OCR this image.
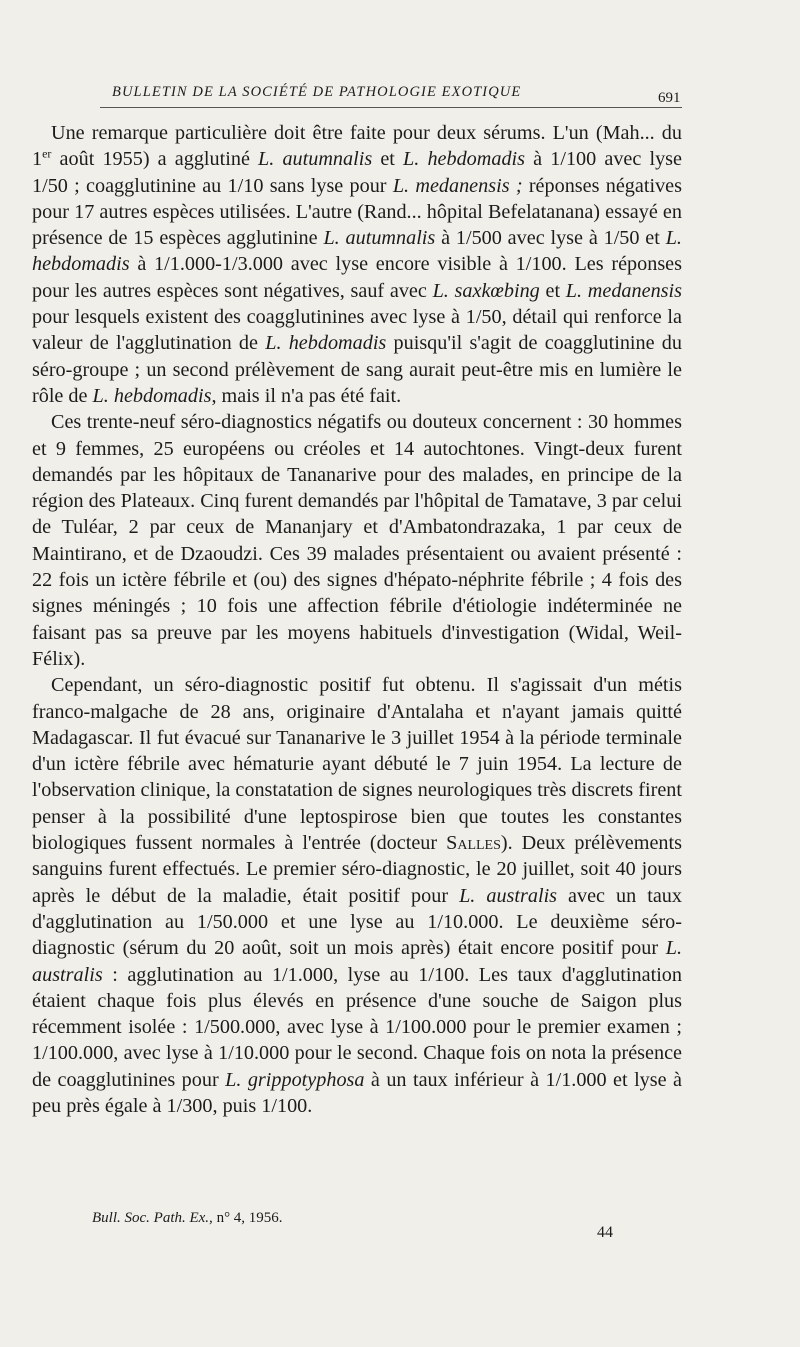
BULLETIN DE LA SOCIÉTÉ DE PATHOLOGIE EXOTIQUE	691

Une remarque particulière doit être faite pour deux sérums. L'un (Mah... du 1er août 1955) a agglutiné L. autumnalis et L. hebdomadis à 1/100 avec lyse 1/50 ; coagglutinine au 1/10 sans lyse pour L. medanensis ; réponses négatives pour 17 autres espèces utilisées. L'autre (Rand... hôpital Befelatanana) essayé en présence de 15 espèces agglutinine L. autumnalis à 1/500 avec lyse à 1/50 et L. hebdomadis à 1/1.000-1/3.000 avec lyse encore visible à 1/100. Les réponses pour les autres espèces sont négatives, sauf avec L. saxkœbing et L. medanensis pour lesquels existent des coagglutinines avec lyse à 1/50, détail qui renforce la valeur de l'agglutination de L. hebdomadis puisqu'il s'agit de coagglutinine du séro-groupe ; un second prélèvement de sang aurait peut-être mis en lumière le rôle de L. hebdomadis, mais il n'a pas été fait.

Ces trente-neuf séro-diagnostics négatifs ou douteux concernent : 30 hommes et 9 femmes, 25 européens ou créoles et 14 autochtones. Vingt-deux furent demandés par les hôpitaux de Tananarive pour des malades, en principe de la région des Plateaux. Cinq furent demandés par l'hôpital de Tamatave, 3 par celui de Tuléar, 2 par ceux de Mananjary et d'Ambatondrazaka, 1 par ceux de Maintirano, et de Dzaoudzi. Ces 39 malades présentaient ou avaient présenté : 22 fois un ictère fébrile et (ou) des signes d'hépato-néphrite fébrile ; 4 fois des signes méningés ; 10 fois une affection fébrile d'étiologie indéterminée ne faisant pas sa preuve par les moyens habituels d'investigation (Widal, Weil-Félix).

Cependant, un séro-diagnostic positif fut obtenu. Il s'agissait d'un métis franco-malgache de 28 ans, originaire d'Antalaha et n'ayant jamais quitté Madagascar. Il fut évacué sur Tananarive le 3 juillet 1954 à la période terminale d'un ictère fébrile avec hématurie ayant débuté le 7 juin 1954. La lecture de l'observation clinique, la constatation de signes neurologiques très discrets firent penser à la possibilité d'une leptospirose bien que toutes les constantes biologiques fussent normales à l'entrée (docteur Salles). Deux prélèvements sanguins furent effectués. Le premier séro-diagnostic, le 20 juillet, soit 40 jours après le début de la maladie, était positif pour L. australis avec un taux d'agglutination au 1/50.000 et une lyse au 1/10.000. Le deuxième séro-diagnostic (sérum du 20 août, soit un mois après) était encore positif pour L. australis : agglutination au 1/1.000, lyse au 1/100. Les taux d'agglutination étaient chaque fois plus élevés en présence d'une souche de Saigon plus récemment isolée : 1/500.000, avec lyse à 1/100.000 pour le premier examen ; 1/100.000, avec lyse à 1/10.000 pour le second. Chaque fois on nota la présence de coagglutinines pour L. grippotyphosa à un taux inférieur à 1/1.000 et lyse à peu près égale à 1/300, puis 1/100.

Bull. Soc. Path. Ex., n° 4, 1956.
44
